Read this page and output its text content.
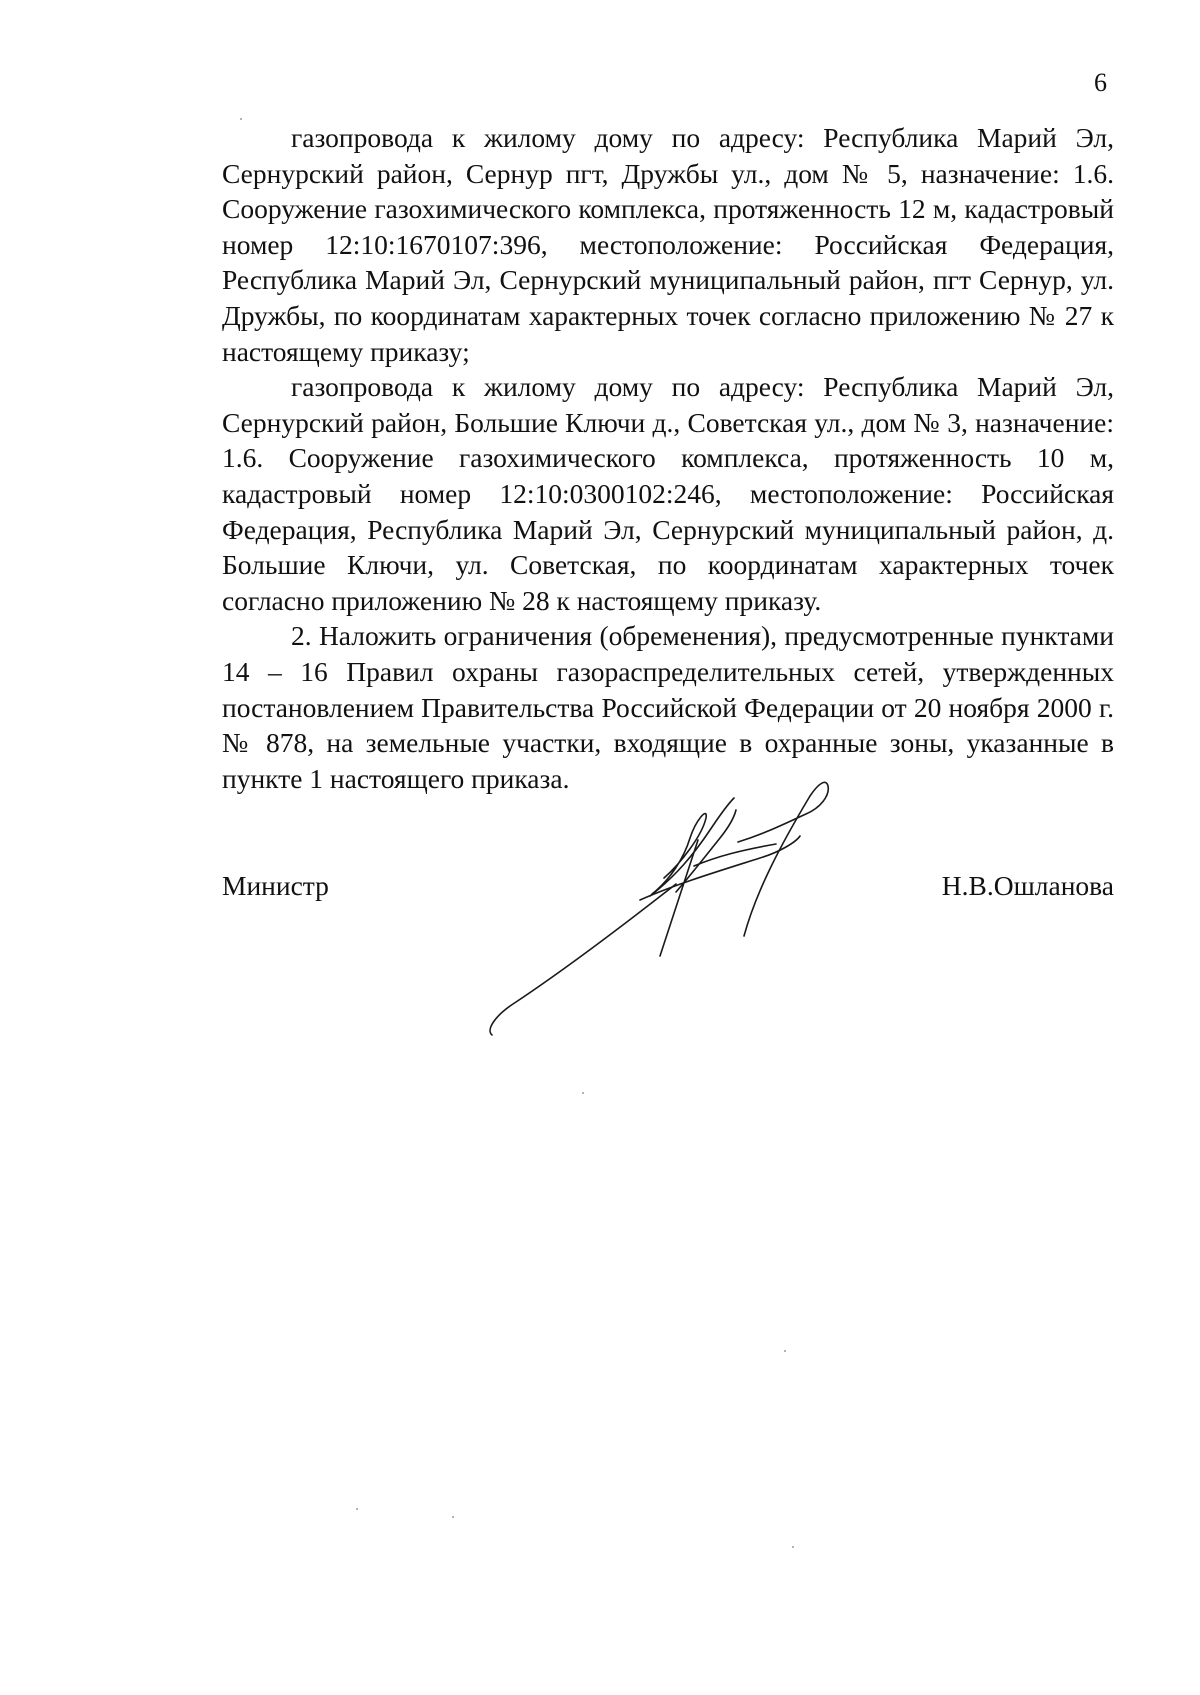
6

газопровода к жилому дому по адресу: Республика Марий Эл, Сернурский район, Сернур пгт, Дружбы ул., дом № 5, назначение: 1.6. Сооружение газохимического комплекса, протяженность 12 м, кадастровый номер 12:10:1670107:396, местоположение: Российская Федерация, Республика Марий Эл, Сернурский муниципальный район, пгт Сернур, ул. Дружбы, по координатам характерных точек согласно приложению № 27 к настоящему приказу;

газопровода к жилому дому по адресу: Республика Марий Эл, Сернурский район, Большие Ключи д., Советская ул., дом № 3, назначение: 1.6. Сооружение газохимического комплекса, протяженность 10 м, кадастровый номер 12:10:0300102:246, местоположение: Российская Федерация, Республика Марий Эл, Сернурский муниципальный район, д. Большие Ключи, ул. Советская, по координатам характерных точек согласно приложению № 28 к настоящему приказу.

2. Наложить ограничения (обременения), предусмотренные пунктами 14 – 16 Правил охраны газораспределительных сетей, утвержденных постановлением Правительства Российской Федерации от 20 ноября 2000 г. № 878, на земельные участки, входящие в охранные зоны, указанные в пункте 1 настоящего приказа.

Министр	Н.В.Ошланова
